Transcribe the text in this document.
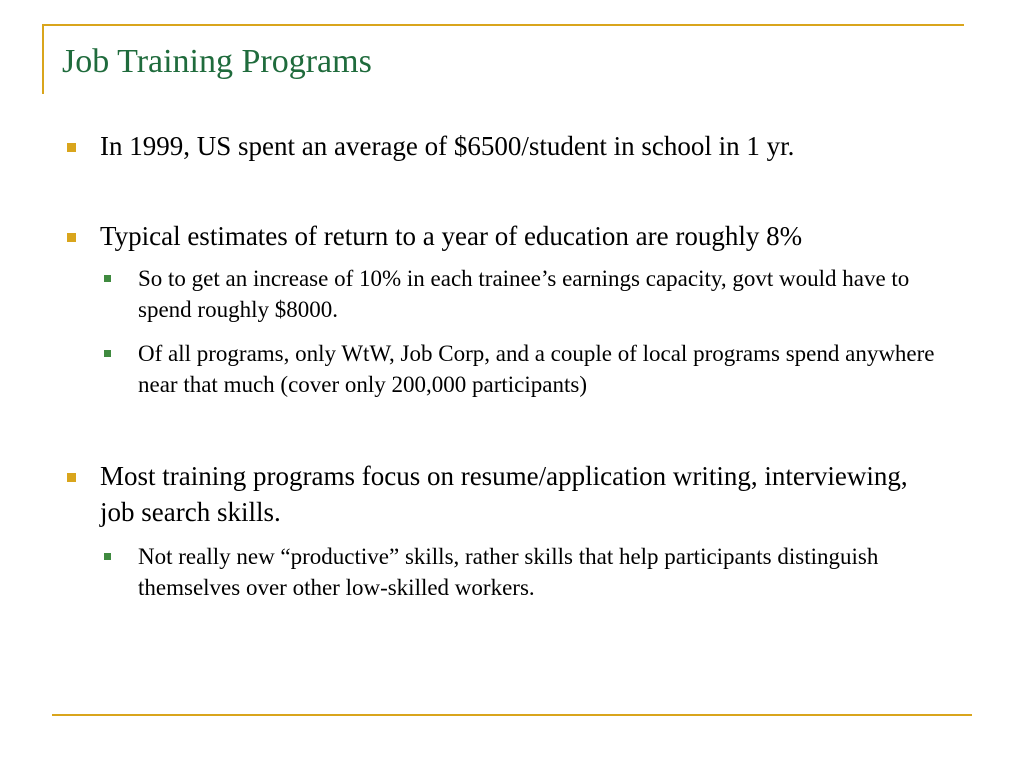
Job Training Programs
In 1999, US spent an average of $6500/student in school in 1 yr.
Typical estimates of return to a year of education are roughly 8%
So to get an increase of 10% in each trainee’s earnings capacity, govt would have to spend roughly $8000.
Of all programs, only WtW, Job Corp, and a couple of local programs spend anywhere near that much (cover only 200,000 participants)
Most training programs focus on resume/application writing, interviewing, job search skills.
Not really new “productive” skills, rather skills that help participants distinguish themselves over other low-skilled workers.
